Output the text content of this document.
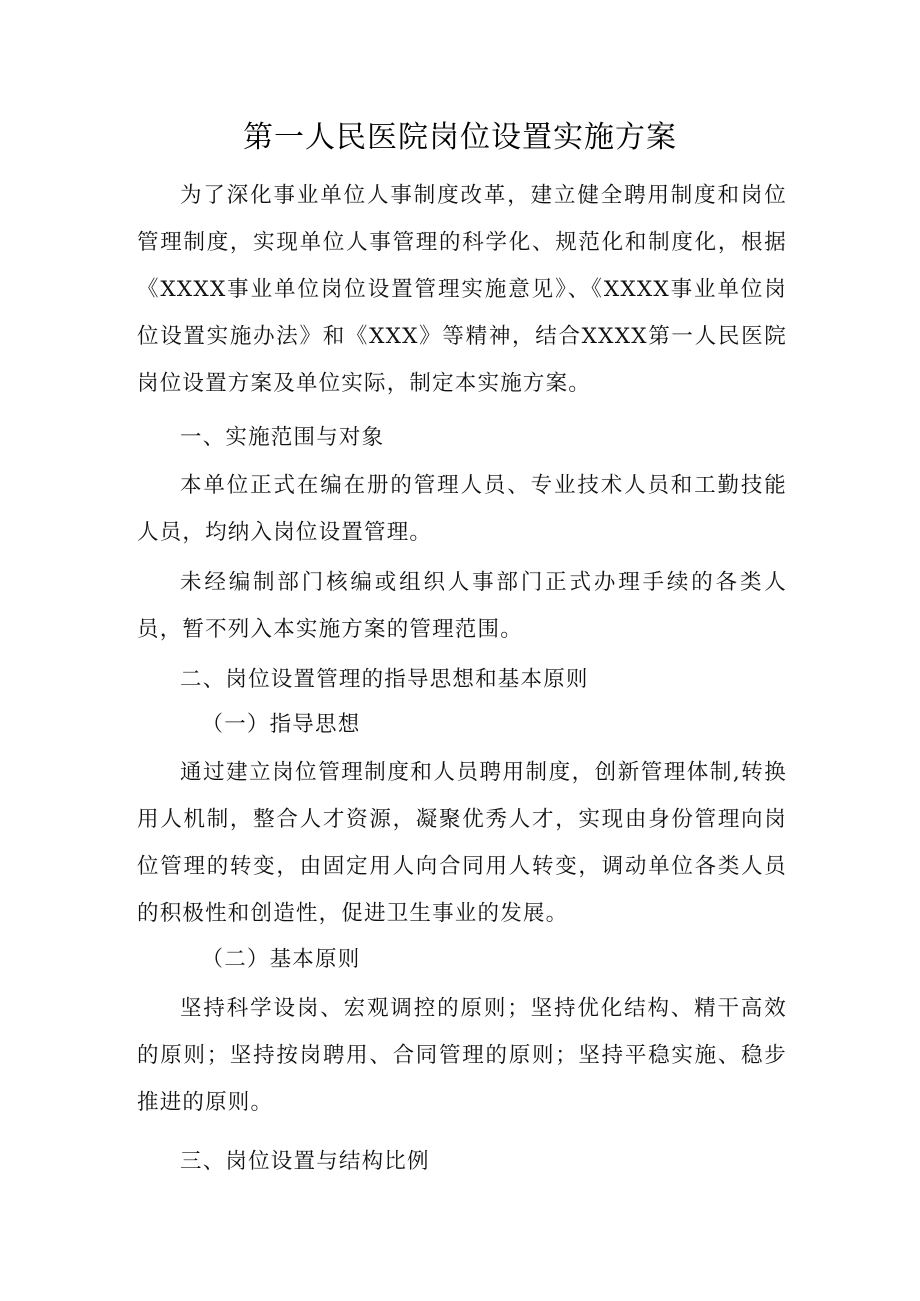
第一人民医院岗位设置实施方案
为了深化事业单位人事制度改革，建立健全聘用制度和岗位管理制度，实现单位人事管理的科学化、规范化和制度化，根据《XXXX事业单位岗位设置管理实施意见》、《XXXX事业单位岗位设置实施办法》和《XXX》等精神，结合XXXX第一人民医院岗位设置方案及单位实际，制定本实施方案。
一、实施范围与对象
本单位正式在编在册的管理人员、专业技术人员和工勤技能人员，均纳入岗位设置管理。
未经编制部门核编或组织人事部门正式办理手续的各类人员，暂不列入本实施方案的管理范围。
二、岗位设置管理的指导思想和基本原则
（一）指导思想
通过建立岗位管理制度和人员聘用制度，创新管理体制,转换用人机制，整合人才资源，凝聚优秀人才，实现由身份管理向岗位管理的转变，由固定用人向合同用人转变，调动单位各类人员的积极性和创造性，促进卫生事业的发展。
（二）基本原则
坚持科学设岗、宏观调控的原则；坚持优化结构、精干高效的原则；坚持按岗聘用、合同管理的原则；坚持平稳实施、稳步推进的原则。
三、岗位设置与结构比例
